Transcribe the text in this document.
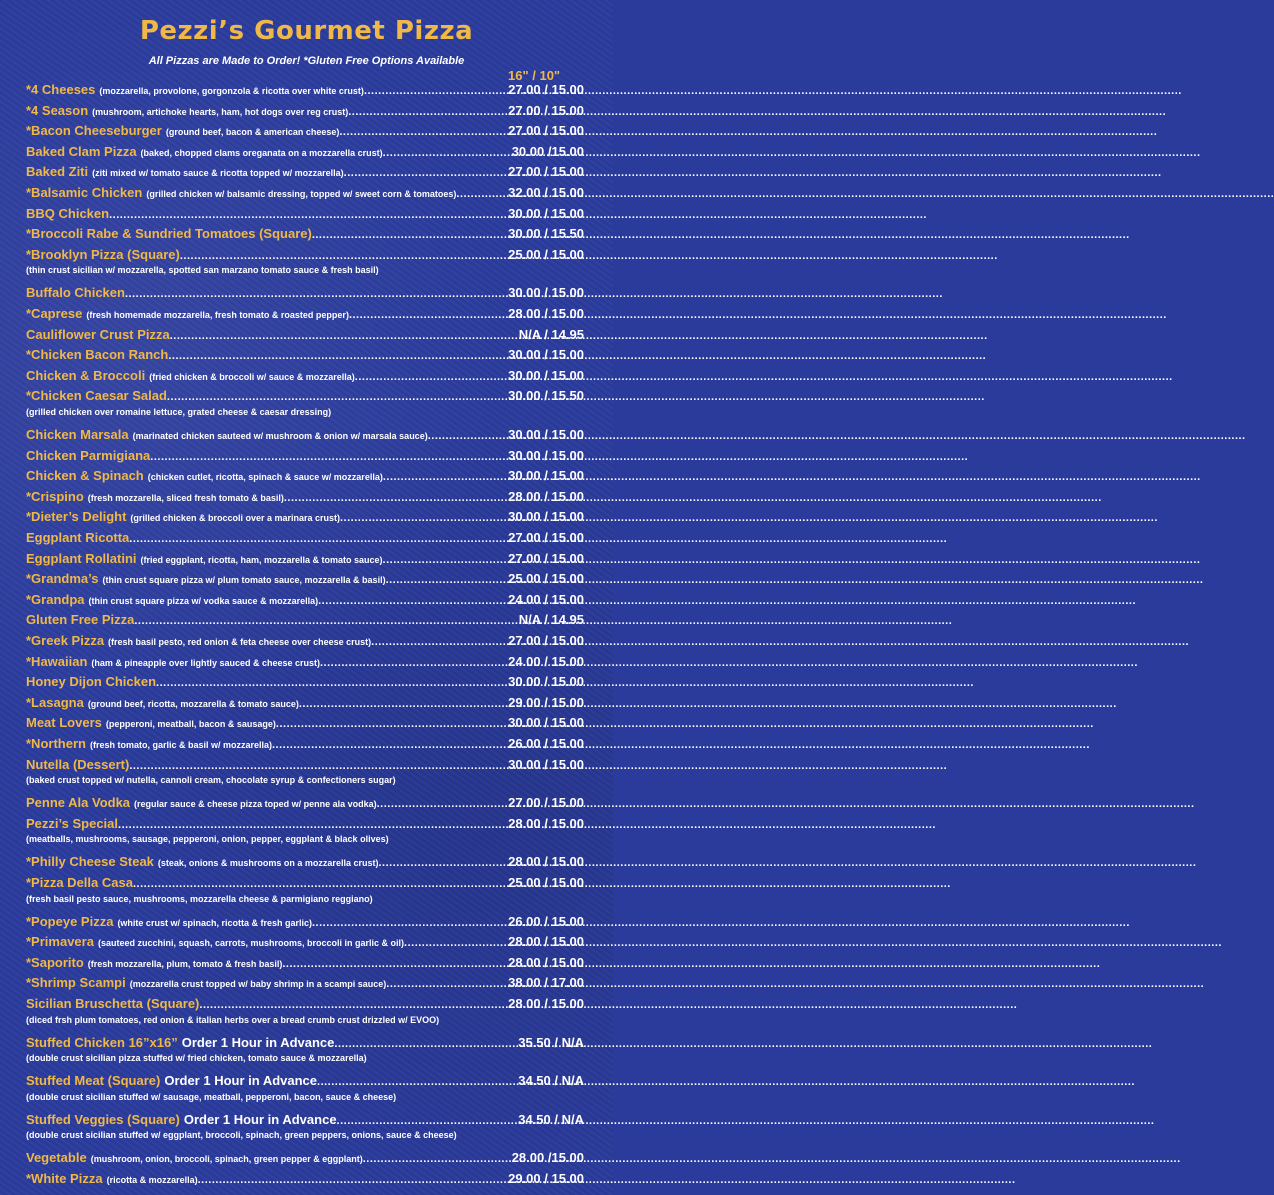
Pezzi’s Gourmet Pizza
All Pizzas are Made to Order! *Gluten Free Options Available
16" / 10"
*4 Cheeses (mozzarella, provolone, gorgonzola & ricotta over white crust) .....	27.00 / 15.00
*4 Season (mushroom, artichoke hearts, ham, hot dogs over reg crust) .....	27.00 / 15.00
*Bacon Cheeseburger (ground beef, bacon & american cheese) .....	27.00 / 15.00
Baked Clam Pizza (baked, chopped clams oreganata on a mozzarella crust) .....	30.00 /15.00
Baked Ziti (ziti mixed w/ tomato sauce & ricotta topped w/ mozzarella) .....	27.00 / 15.00
*Balsamic Chicken (grilled chicken w/ balsamic dressing, topped w/ sweet corn & tomatoes) .....	32.00 / 15.00
BBQ Chicken .....	30.00 / 15.00
*Broccoli Rabe & Sundried Tomatoes (Square) .....	30.00 / 15.50
*Brooklyn Pizza (Square) .....	25.00 / 15.00
(thin crust sicilian w/ mozzarella, spotted san marzano tomato sauce & fresh basil)
Buffalo Chicken .....	30.00 / 15.00
*Caprese (fresh homemade mozzarella, fresh tomato & roasted pepper) .....	28.00 / 15.00
Cauliflower Crust Pizza .....	N/A / 14.95
*Chicken Bacon Ranch .....	30.00 / 15.00
Chicken & Broccoli (fried chicken & broccoli w/ sauce & mozzarella) .....	30.00 / 15.00
*Chicken Caesar Salad .....	30.00 / 15.50
(grilled chicken over romaine lettuce, grated cheese & caesar dressing)
Chicken Marsala (marinated chicken sauteed w/ mushroom & onion w/ marsala sauce) .....	30.00 / 15.00
Chicken Parmigiana .....	30.00 / 15.00
Chicken & Spinach (chicken cutlet, ricotta, spinach & sauce w/ mozzarella) .....	30.00 / 15.00
*Crispino (fresh mozzarella, sliced fresh tomato & basil) .....	28.00 / 15.00
*Dieter’s Delight (grilled chicken & broccoli over a marinara crust) .....	30.00 / 15.00
Eggplant Ricotta .....	27.00 / 15.00
Eggplant Rollatini (fried eggplant, ricotta, ham, mozzarella & tomato sauce) .....	27.00 / 15.00
*Grandma’s (thin crust square pizza w/ plum tomato sauce, mozzarella & basil) .....	25.00 / 15.00
*Grandpa (thin crust square pizza w/ vodka sauce & mozzarella) .....	24.00 / 15.00
Gluten Free Pizza .....	N/A / 14.95
*Greek Pizza (fresh basil pesto, red onion & feta cheese over cheese crust) .....	27.00 / 15.00
*Hawaiian (ham & pineapple over lightly sauced & cheese crust) .....	24.00 / 15.00
Honey Dijon Chicken .....	30.00 / 15.00
*Lasagna (ground beef, ricotta, mozzarella & tomato sauce) .....	29.00 / 15.00
Meat Lovers (pepperoni, meatball, bacon & sausage) .....	30.00 / 15.00
*Northern (fresh tomato, garlic & basil w/ mozzarella) .....	26.00 / 15.00
Nutella (Dessert) .....	30.00 / 15.00
(baked crust topped w/ nutella, cannoli cream, chocolate syrup & confectioners sugar)
Penne Ala Vodka (regular sauce & cheese pizza toped w/ penne ala vodka) .....	27.00 / 15.00
Pezzi’s Special .....	28.00 / 15.00
(meatballs, mushrooms, sausage, pepperoni, onion, pepper, eggplant & black olives)
*Philly Cheese Steak (steak, onions & mushrooms on a mozzarella crust) .....	28.00 / 15.00
*Pizza Della Casa .....	25.00 / 15.00
(fresh basil pesto sauce, mushrooms, mozzarella cheese & parmigiano reggiano)
*Popeye Pizza (white crust w/ spinach, ricotta & fresh garlic) .....	26.00 / 15.00
*Primavera (sauteed zucchini, squash, carrots, mushrooms, broccoli in garlic & oil) .....	28.00 / 15.00
*Saporito (fresh mozzarella, plum, tomato & fresh basil) .....	28.00 / 15.00
*Shrimp Scampi (mozzarella crust topped w/ baby shrimp in a scampi sauce) .....	38.00 / 17.00
Sicilian Bruschetta (Square) .....	28.00 / 15.00
(diced frsh plum tomatoes, red onion & italian herbs over a bread crumb crust drizzled w/ EVOO)
Stuffed Chicken 16”x16” Order 1 Hour in Advance .....	35.50 / N/A
(double crust sicilian pizza stuffed w/ fried chicken, tomato sauce & mozzarella)
Stuffed Meat (Square) Order 1 Hour in Advance .....	34.50 / N/A
(double crust sicilian stuffed w/ sausage, meatball, pepperoni, bacon, sauce & cheese)
Stuffed Veggies (Square) Order 1 Hour in Advance .....	34.50 / N/A
(double crust sicilian stuffed w/ eggplant, broccoli, spinach, green peppers, onions, sauce & cheese)
Vegetable (mushroom, onion, broccoli, spinach, green pepper & eggplant) .....	28.00 /15.00
*White Pizza (ricotta & mozzarella) .....	29.00 / 15.00
